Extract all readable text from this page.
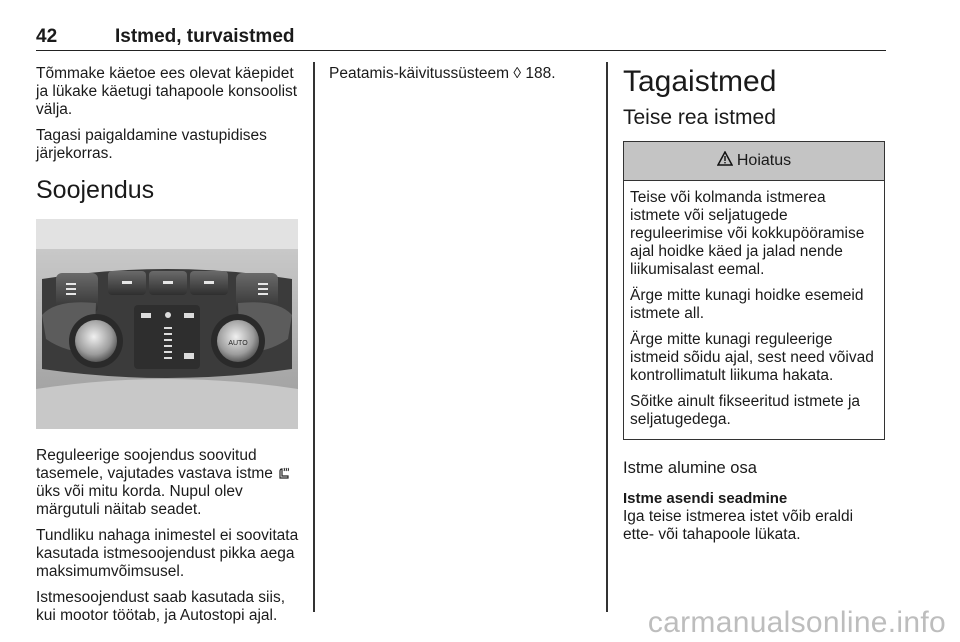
42	Istmed, turvaistmed

Tõmmake käetoe ees olevat käepidet ja lükake käetugi tahapoole konsoolist välja.

Tagasi paigaldamine vastupidises järjekorras.

Soojendus
AUTO

Reguleerige soojendus soovitud tasemele, vajutades vastava istme  üks või mitu korda. Nupul olev märgutuli näitab seadet.

Tundliku nahaga inimestel ei soovitata kasutada istmesoojendust pikka aega maksimumvõimsusel.

Istmesoojendust saab kasutada siis, kui mootor töötab, ja Autostopi ajal.

Peatamis-käivitussüsteem ◊ 188.	Tagaistmed
Teise rea istmed
Hoiatus

Teise või kolmanda istmerea istmete või seljatugede reguleerimise või kokkupööramise ajal hoidke käed ja jalad nende liikumisalast eemal.

Ärge mitte kunagi hoidke esemeid istmete all.

Ärge mitte kunagi reguleerige istmeid sõidu ajal, sest need võivad kontrollimatult liikuma hakata.

Sõitke ainult fikseeritud istmete ja seljatugedega.

Istme alumine osa
Istme asendi seadmine

Iga teise istmerea istet võib eraldi ette- või tahapoole lükata.

carmanualsonline.info
